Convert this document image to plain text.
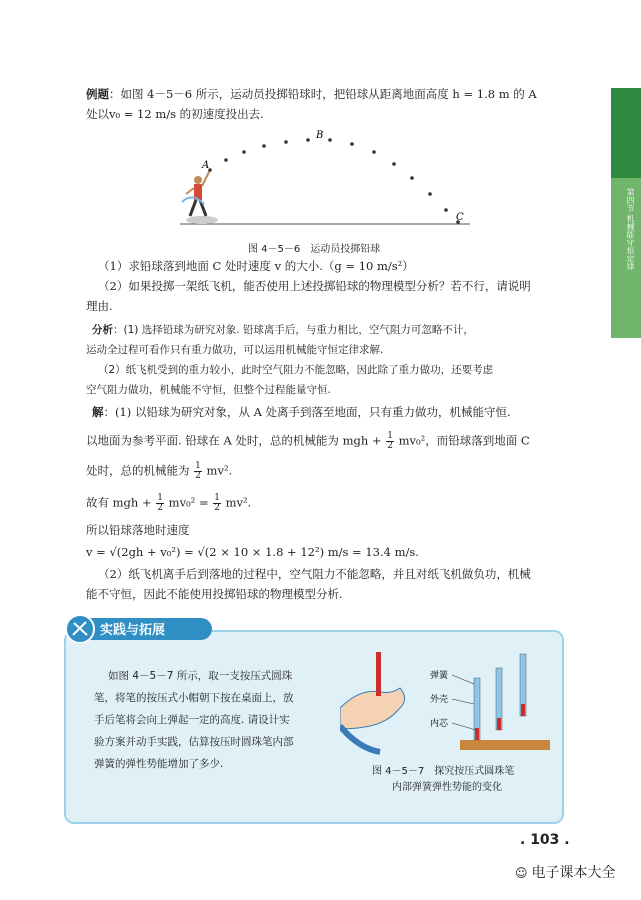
第四节 机械能守恒定律
例题：如图 4－5－6 所示，运动员投掷铅球时，把铅球从距离地面高度 h = 1.8 m 的 A
处以v₀ = 12 m/s 的初速度投出去.
A
B
C
图 4－5－6　运动员投掷铅球
（1）求铅球落到地面 C 处时速度 v 的大小.（g = 10 m/s²）
（2）如果投掷一架纸飞机，能否使用上述投掷铅球的物理模型分析？若不行，请说明
理由.
分析：(1) 选择铅球为研究对象. 铅球离手后，与重力相比，空气阻力可忽略不计，
运动全过程可看作只有重力做功，可以运用机械能守恒定律求解.
（2）纸飞机受到的重力较小，此时空气阻力不能忽略，因此除了重力做功，还要考虑
空气阻力做功，机械能不守恒，但整个过程能量守恒.
解：(1) 以铅球为研究对象，从 A 处离手到落至地面，只有重力做功，机械能守恒.
以地面为参考平面. 铅球在 A 处时，总的机械能为 mgh + $\frac{1}{2} mv_0^2$，而铅球落到地面 C
处时，总的机械能为 $\frac{1}{2} mv^2$.
故有 mgh + $\frac{1}{2} mv_0^2 = \frac{1}{2} mv^2$.
所以铅球落地时速度
v = √(2gh + v₀²) = √(2 × 10 × 1.8 + 12²) m/s = 13.4 m/s.
（2）纸飞机离手后到落地的过程中，空气阻力不能忽略，并且对纸飞机做负功，机械
能不守恒，因此不能使用投掷铅球的物理模型分析.
实践与拓展
如图 4－5－7 所示，取一支按压式圆珠
笔，将笔的按压式小帽朝下按在桌面上，放
手后笔将会向上弹起一定的高度. 请设计实
验方案并动手实践，估算按压时圆珠笔内部
弹簧的弹性势能增加了多少.
弹簧
外壳
内芯
图 4－5－7　探究按压式圆珠笔
内部弹簧弹性势能的变化
. 103 .
☺ 电子课本大全
